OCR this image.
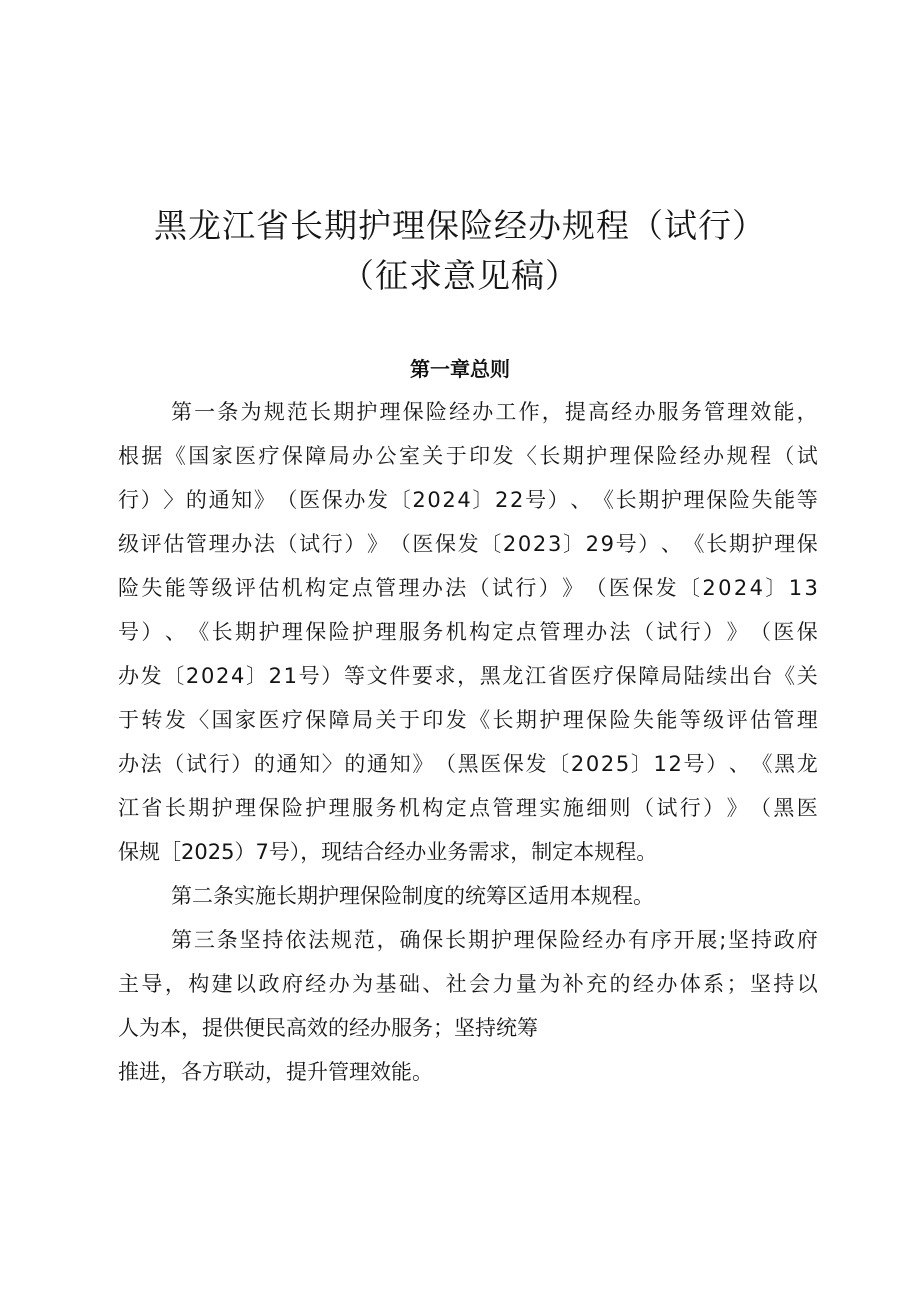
黑龙江省长期护理保险经办规程（试行）
（征求意见稿）
第一章总则
第 一 条 为 规 范 长 期 护 理 保 险 经 办 工 作 ， 提 高 经 办 服 务 管 理 效 能 ，
根 据 《 国 家 医 疗 保 障 局 办 公 室 关 于 印 发 〈 长 期 护 理 保 险 经 办 规 程 （ 试
行 ） 〉 的 通 知 》 （ 医 保 办 发 〔 2 0 2 4 〕 2 2 号 ） 、 《 长 期 护 理 保 险 失 能 等
级 评 估 管 理 办 法 （ 试 行 ） 》 （ 医 保 发 〔 2 0 2 3 〕 2 9 号 ） 、 《 长 期 护 理 保
险 失 能 等 级 评 估 机 构 定 点 管 理 办 法 （ 试 行 ） 》 （ 医 保 发 〔 2 0 2 4 〕 1 3
号 ） 、 《 长 期 护 理 保 险 护 理 服 务 机 构 定 点 管 理 办 法 （ 试 行 ） 》 （ 医 保
办 发 〔 2 0 2 4 〕 2 1 号 ） 等 文 件 要 求 ， 黑 龙 江 省 医 疗 保 障 局 陆 续 出 台 《 关
于 转 发 〈 国 家 医 疗 保 障 局 关 于 印 发 《 长 期 护 理 保 险 失 能 等 级 评 估 管 理
办 法 （ 试 行 ） 的 通 知 〉 的 通 知 》 （ 黑 医 保 发 〔 2 0 2 5 〕 1 2 号 ） 、 《 黑 龙
江 省 长 期 护 理 保 险 护 理 服 务 机 构 定 点 管 理 实 施 细 则 （ 试 行 ） 》 （ 黑 医
保规［2025）7号），现结合经办业务需求，制定本规程。
第二条实施长期护理保险制度的统筹区适用本规程。
第 三 条 坚 持 依 法 规 范 ， 确 保 长 期 护 理 保 险 经 办 有 序 开 展 ; 坚 持 政 府
主 导 ， 构 建 以 政 府 经 办 为 基 础 、 社 会 力 量 为 补 充 的 经 办 体 系 ； 坚 持 以
人为本，提供便民高效的经办服务；坚持统筹
推进，各方联动，提升管理效能。
